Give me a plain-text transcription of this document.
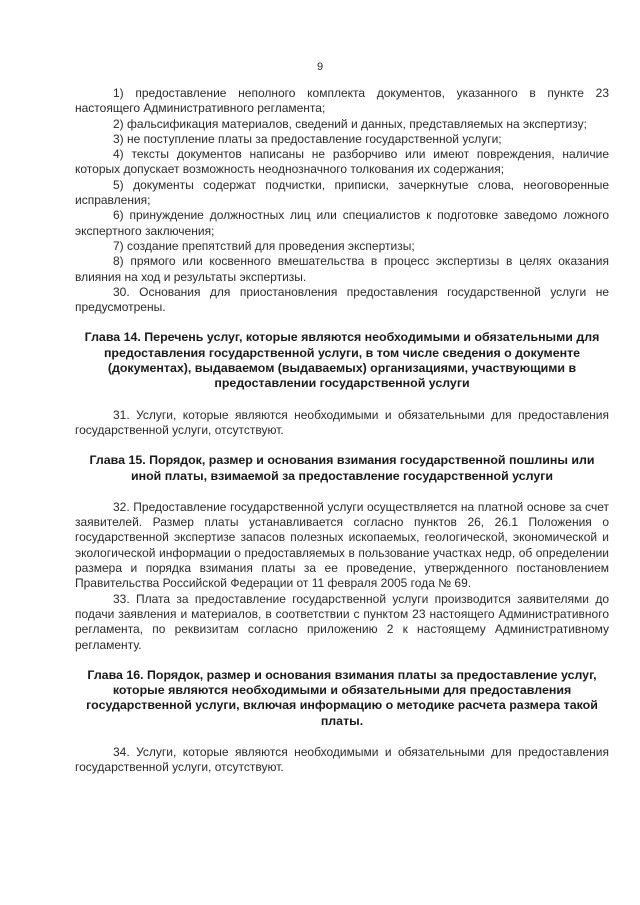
9

1) предоставление неполного комплекта документов, указанного в пункте 23 настоящего Административного регламента;

2) фальсификация материалов, сведений и данных, представляемых на экспертизу;

3) не поступление платы за предоставление государственной услуги;

4) тексты документов написаны не разборчиво или имеют повреждения, наличие которых допускает возможность неоднозначного толкования их содержания;

5) документы содержат подчистки, приписки, зачеркнутые слова, неоговоренные исправления;

6) принуждение должностных лиц или специалистов к подготовке заведомо ложного экспертного заключения;

7) создание препятствий для проведения экспертизы;

8) прямого или косвенного вмешательства в процесс экспертизы в целях оказания влияния на ход и результаты экспертизы.

30. Основания для приостановления предоставления государственной услуги не предусмотрены.

Глава 14. Перечень услуг, которые являются необходимыми и обязательными для предоставления государственной услуги, в том числе сведения о документе (документах), выдаваемом (выдаваемых) организациями, участвующими в предоставлении государственной услуги

31. Услуги, которые являются необходимыми и обязательными для предоставления государственной услуги, отсутствуют.

Глава 15. Порядок, размер и основания взимания государственной пошлины или иной платы, взимаемой за предоставление государственной услуги

32. Предоставление государственной услуги осуществляется на платной основе за счет заявителей. Размер платы устанавливается согласно пунктов 26, 26.1 Положения о государственной экспертизе запасов полезных ископаемых, геологической, экономической и экологической информации о предоставляемых в пользование участках недр, об определении размера и порядка взимания платы за ее проведение, утвержденного постановлением Правительства Российской Федерации от 11 февраля 2005 года № 69.

33. Плата за предоставление государственной услуги производится заявителями до подачи заявления и материалов, в соответствии с пунктом 23 настоящего Административного регламента, по реквизитам согласно приложению 2 к настоящему Административному регламенту.

Глава 16. Порядок, размер и основания взимания платы за предоставление услуг, которые являются необходимыми и обязательными для предоставления государственной услуги, включая информацию о методике расчета размера такой платы.

34. Услуги, которые являются необходимыми и обязательными для предоставления государственной услуги, отсутствуют.
